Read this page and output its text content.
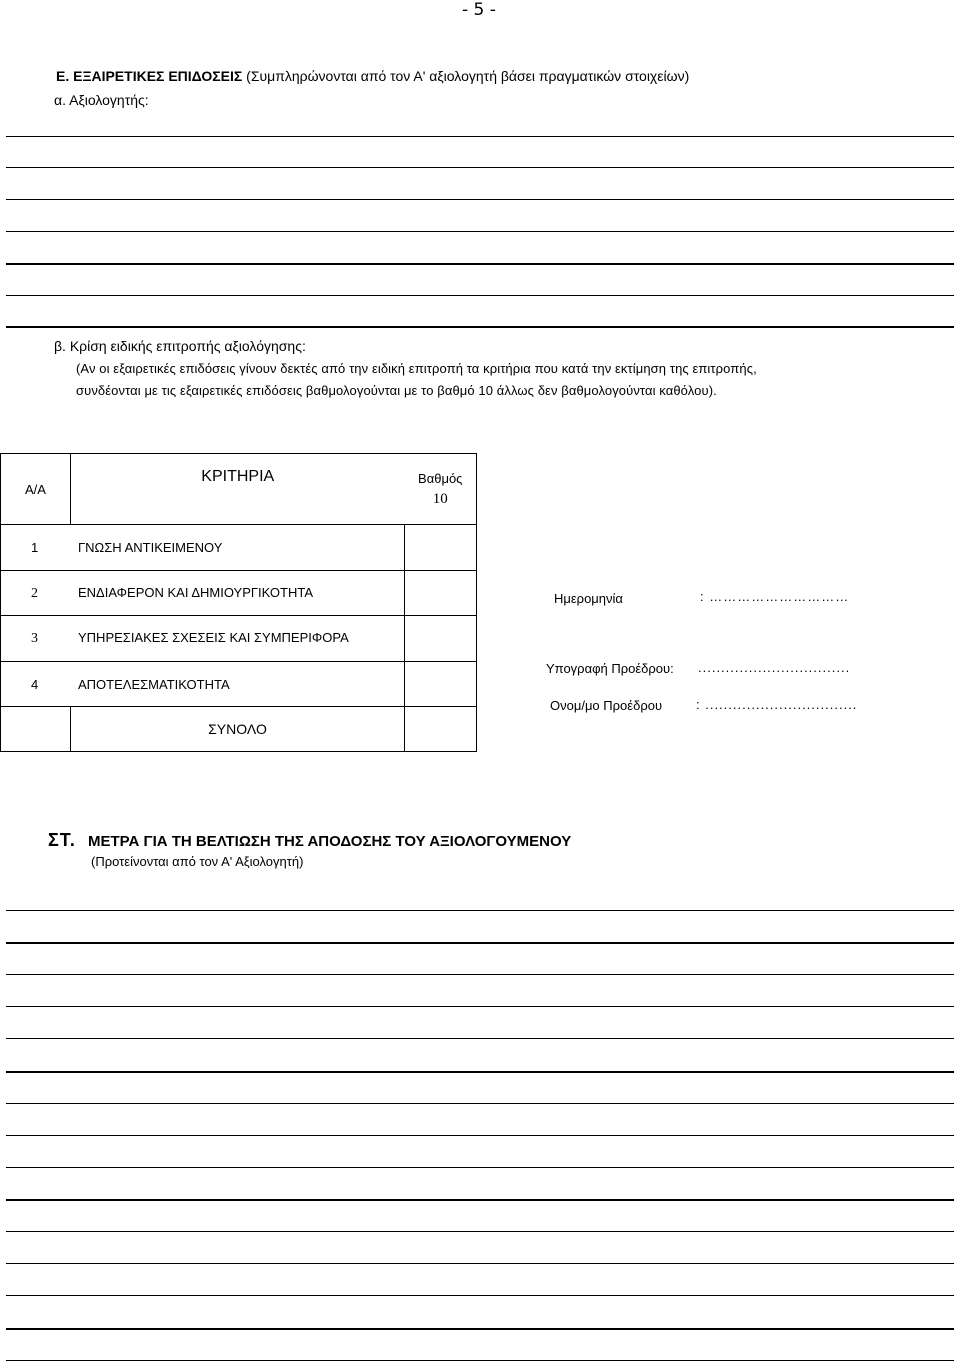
- 5 -
Ε. ΕΞΑΙΡΕΤΙΚΕΣ ΕΠΙΔΟΣΕΙΣ (Συμπληρώνονται από τον Α' αξιολογητή βάσει πραγματικών στοιχείων)
α. Αξιολογητής:
β. Κρίση ειδικής επιτροπής αξιολόγησης:
(Αν οι εξαιρετικές επιδόσεις γίνουν δεκτές από την ειδική επιτροπή τα κριτήρια που κατά την εκτίμηση της επιτροπής,
συνδέονται με τις εξαιρετικές επιδόσεις βαθμολογούνται με το βαθμό 10 άλλως δεν βαθμολογούνται καθόλου).
Α/Α	ΚΡΙΤΗΡΙΑ	Βαθμός
10

1 ΓΝΩΣΗ ΑΝΤΙΚΕΙΜΕΝΟΥ		
2 ΕΝΔΙΑΦΕΡΟΝ ΚΑΙ ΔΗΜΙΟΥΡΓΙΚΟΤΗΤΑ		
3 ΥΠΗΡΕΣΙΑΚΕΣ ΣΧΕΣΕΙΣ ΚΑΙ ΣΥΜΠΕΡΙΦΟΡΑ		
4 ΑΠΟΤΕΛΕΣΜΑΤΙΚΟΤΗΤΑ		
	ΣΥΝΟΛΟ	
Ημερομηνία	: …………………………
Υπογραφή Προέδρου: .................................
Ονομ/μο Προέδρου	: .................................
ΣΤ. ΜΕΤΡΑ ΓΙΑ ΤΗ ΒΕΛΤΙΩΣΗ ΤΗΣ ΑΠΟΔΟΣΗΣ ΤΟΥ ΑΞΙΟΛΟΓΟΥΜΕΝΟΥ
(Προτείνονται από τον Α' Αξιολογητή)
